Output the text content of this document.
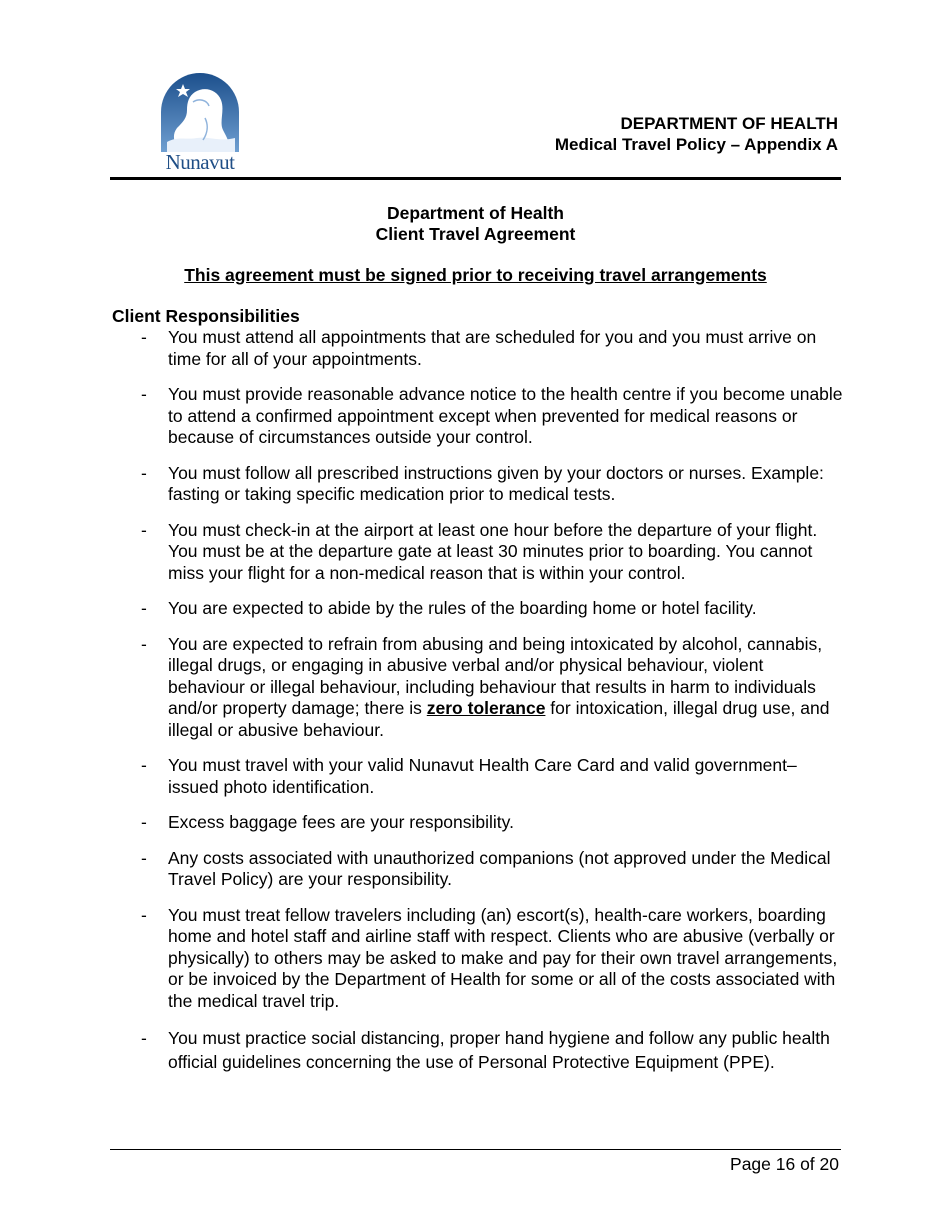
Nunavut
DEPARTMENT OF HEALTH
Medical Travel Policy – Appendix A
Department of Health
Client Travel Agreement
This agreement must be signed prior to receiving travel arrangements
Client Responsibilities
- You must attend all appointments that are scheduled for you and you must arrive on time for all of your appointments.
- You must provide reasonable advance notice to the health centre if you become unable to attend a confirmed appointment except when prevented for medical reasons or because of circumstances outside your control.
- You must follow all prescribed instructions given by your doctors or nurses. Example: fasting or taking specific medication prior to medical tests.
- You must check-in at the airport at least one hour before the departure of your flight. You must be at the departure gate at least 30 minutes prior to boarding. You cannot miss your flight for a non-medical reason that is within your control.
- You are expected to abide by the rules of the boarding home or hotel facility.
- You are expected to refrain from abusing and being intoxicated by alcohol, cannabis, illegal drugs, or engaging in abusive verbal and/or physical behaviour, violent behaviour or illegal behaviour, including behaviour that results in harm to individuals and/or property damage; there is zero tolerance for intoxication, illegal drug use, and illegal or abusive behaviour.
- You must travel with your valid Nunavut Health Care Card and valid government–issued photo identification.
- Excess baggage fees are your responsibility.
- Any costs associated with unauthorized companions (not approved under the Medical Travel Policy) are your responsibility.
- You must treat fellow travelers including (an) escort(s), health-care workers, boarding home and hotel staff and airline staff with respect. Clients who are abusive (verbally or physically) to others may be asked to make and pay for their own travel arrangements, or be invoiced by the Department of Health for some or all of the costs associated with the medical travel trip.
- You must practice social distancing, proper hand hygiene and follow any public health official guidelines concerning the use of Personal Protective Equipment (PPE).
Page 16 of 20
